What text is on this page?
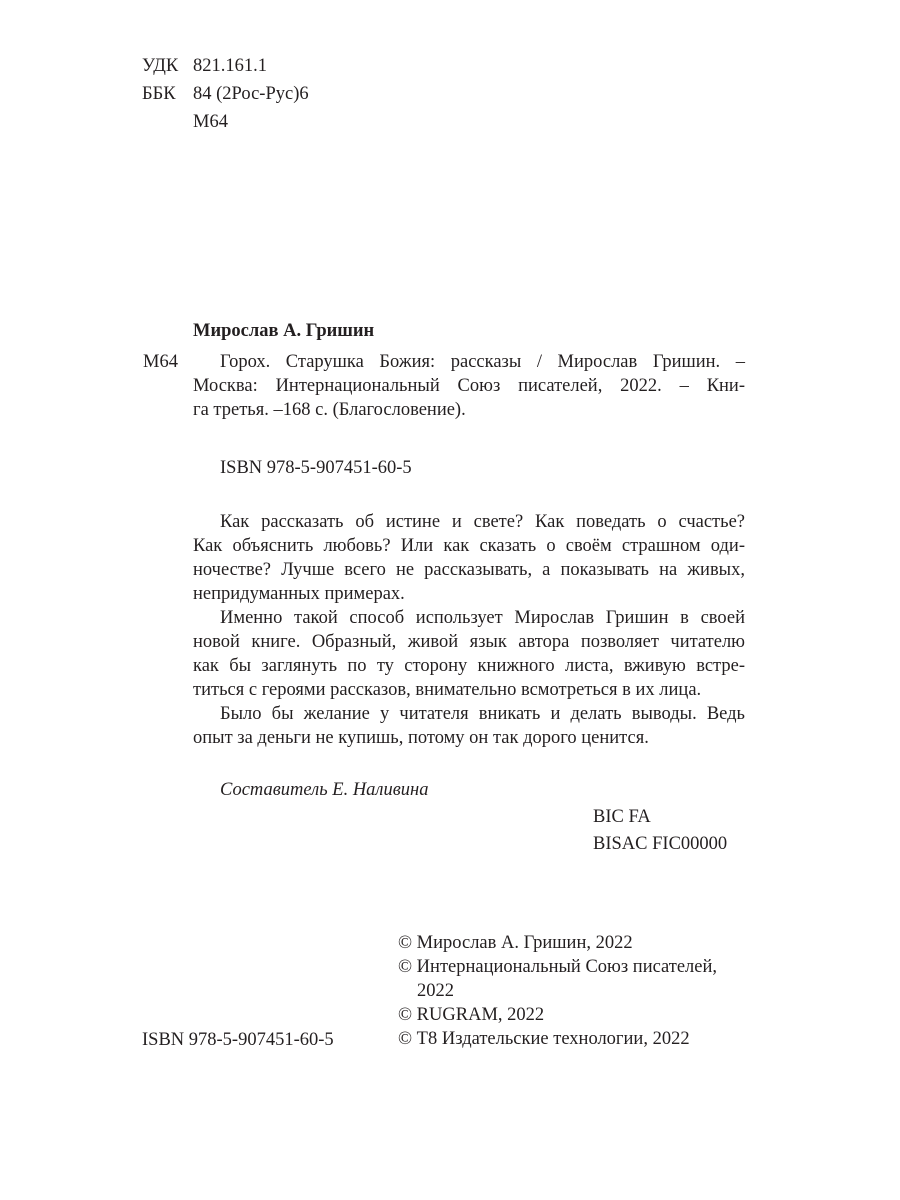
УДК 821.161.1
ББК 84 (2Рос-Рус)6
М64
Мирослав А. Гришин
М64	Горох. Старушка Божия: рассказы / Мирослав Гришин. –
Москва: Интернациональный Союз писателей, 2022. – Кни-
га третья. –168 с. (Благословение).
ISBN 978-5-907451-60-5
Как рассказать об истине и свете? Как поведать о счастье?
Как объяснить любовь? Или как сказать о своём страшном оди-
ночестве? Лучше всего не рассказывать, а показывать на живых,
непридуманных примерах.
Именно такой способ использует Мирослав Гришин в своей
новой книге. Образный, живой язык автора позволяет читателю
как бы заглянуть по ту сторону книжного листа, вживую встре-
титься с героями рассказов, внимательно всмотреться в их лица.
Было бы желание у читателя вникать и делать выводы. Ведь
опыт за деньги не купишь, потому он так дорого ценится.
Составитель Е. Наливина
BIC FA
BISAC FIC00000
© Мирослав А. Гришин, 2022
© Интернациональный Союз писателей,
2022
© RUGRAM, 2022
© Т8 Издательские технологии, 2022
ISBN 978-5-907451-60-5
